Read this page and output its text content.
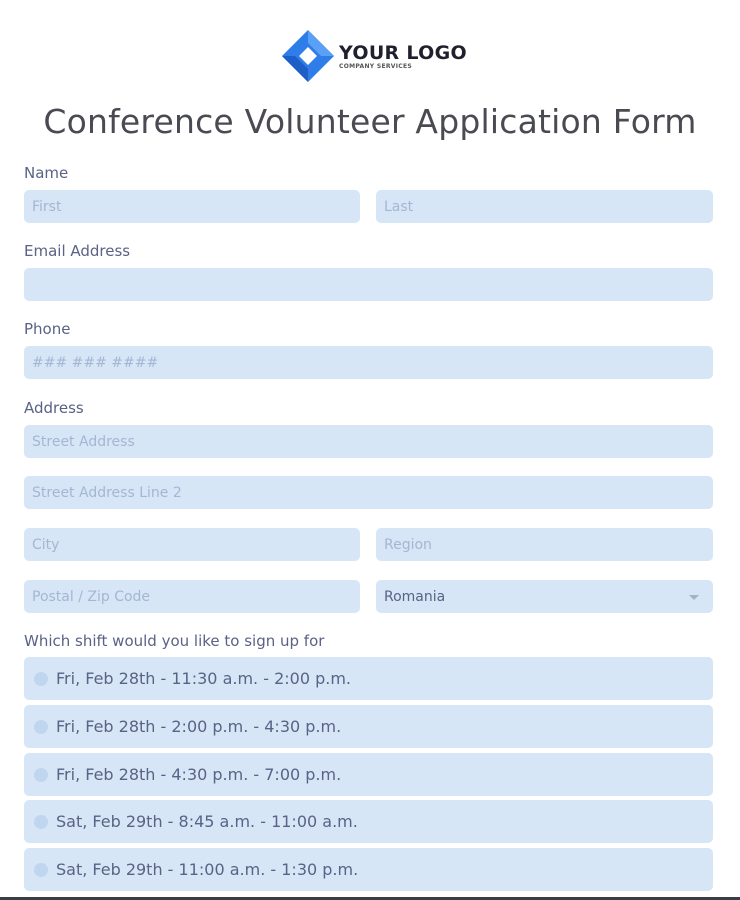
YOUR LOGO
COMPANY SERVICES
Conference Volunteer Application Form
Name
First	Last
Email Address
Phone
### ### ####
Address
Street Address
Street Address Line 2
City	Region
Postal / Zip Code	Romania
Which shift would you like to sign up for
Fri, Feb 28th - 11:30 a.m. - 2:00 p.m.
Fri, Feb 28th - 2:00 p.m. - 4:30 p.m.
Fri, Feb 28th - 4:30 p.m. - 7:00 p.m.
Sat, Feb 29th - 8:45 a.m. - 11:00 a.m.
Sat, Feb 29th - 11:00 a.m. - 1:30 p.m.
